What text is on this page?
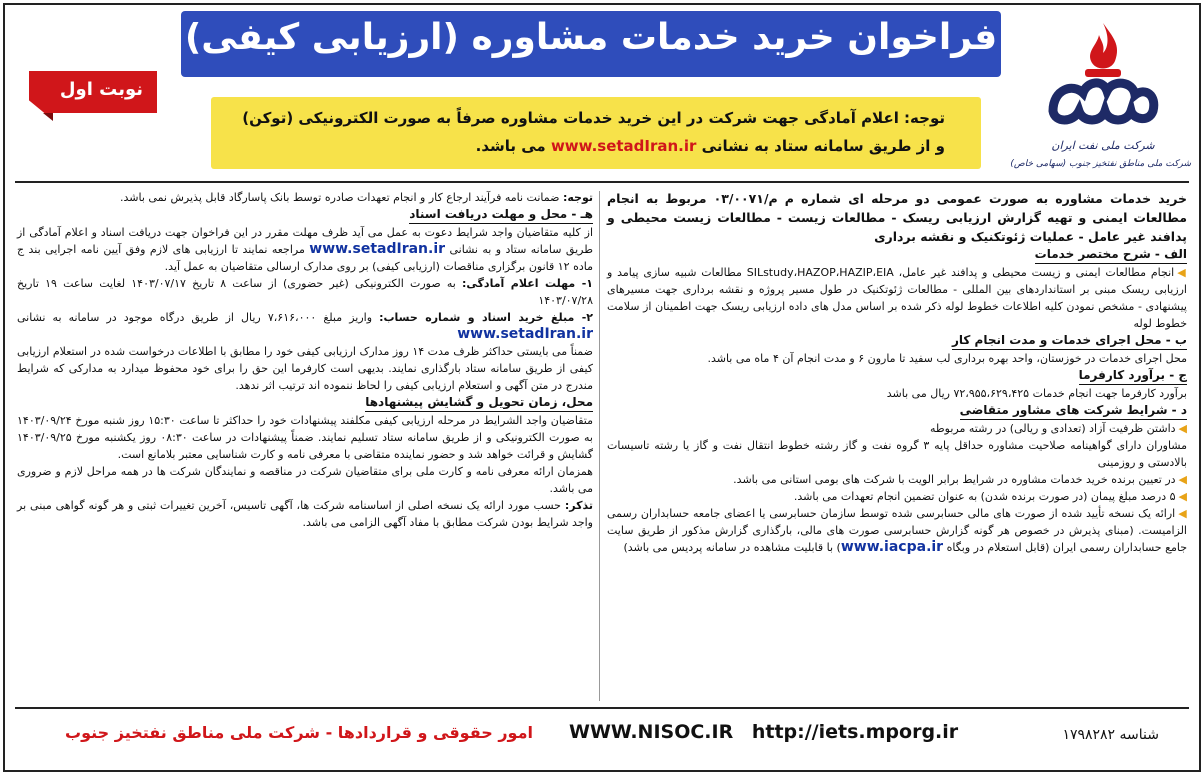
نوبت اول
فراخوان خرید خدمات مشاوره (ارزیابی کیفی)
توجه: اعلام آمادگی جهت شرکت در این خرید خدمات مشاوره صرفاً به صورت الکترونیکی (توکن)
و از طریق سامانه ستاد به نشانی www.setadIran.ir می باشد.	شرکت ملی نفت ایران
شرکت ملی مناطق نفتخیز جنوب (سهامی خاص)

خرید خدمات مشاوره به صورت عمومی دو مرحله ای شماره م م/۰۳/۰۰۷۱ مربوط به انجام مطالعات ایمنی و تهیه گزارش ارزیابی ریسک - مطالعات زیست - مطالعات زیست محیطی و پدافند غیر عامل - عملیات ژئوتکنیک و نقشه برداری

الف - شرح مختصر خدمات

◀انجام مطالعات ایمنی و زیست محیطی و پدافند غیر عامل، SILstudy،HAZOP،HAZIP،EIA مطالعات شبیه سازی پیامد و ارزیابی ریسک مبنی بر استانداردهای بین المللی - مطالعات ژئوتکنیک در طول مسیر پروژه و نقشه برداری جهت مسیرهای پیشنهادی - مشخص نمودن کلیه اطلاعات خطوط لوله ذکر شده بر اساس مدل های داده ارزیابی ریسک جهت اطمینان از سلامت خطوط لوله

ب - محل اجرای خدمات و مدت انجام کار

محل اجرای خدمات در خوزستان، واحد بهره برداری لب سفید تا مارون ۶ و مدت انجام آن ۴ ماه می باشد.

ج - برآورد کارفرما

برآورد کارفرما جهت انجام خدمات ۷۲،۹۵۵،۶۲۹،۴۲۵ ریال می باشد

د - شرایط شرکت های مشاور متقاضی

◀داشتن ظرفیت آزاد (تعدادی و ریالی) در رشته مربوطه

مشاوران دارای گواهینامه صلاحیت مشاوره حداقل پایه ۳ گروه نفت و گاز رشته خطوط انتقال نفت و گاز یا رشته تاسیسات بالادستی و روزمینی

◀در تعیین برنده خرید خدمات مشاوره در شرایط برابر الویت با شرکت های بومی استانی می باشد.

◀۵ درصد مبلغ پیمان (در صورت برنده شدن) به عنوان تضمین انجام تعهدات می باشد.

◀ارائه یک نسخه تأیید شده از صورت های مالی حسابرسی شده توسط سازمان حسابرسی یا اعضای جامعه حسابداران رسمی الزامیست. (مبنای پذیرش در خصوص هر گونه گزارش حسابرسی صورت های مالی، بارگذاری گزارش مذکور از طریق سایت جامع حسابداران رسمی ایران (قابل استعلام در وبگاه www.iacpa.ir) با قابلیت مشاهده در سامانه پردیس می باشد)

توجه: ضمانت نامه فرآیند ارجاع کار و انجام تعهدات صادره توسط بانک پاسارگاد قابل پذیرش نمی باشد.

هـ - محل و مهلت دریافت اسناد

از کلیه متقاضیان واجد شرایط دعوت به عمل می آید ظرف مهلت مقرر در این فراخوان جهت دریافت اسناد و اعلام آمادگی از طریق سامانه ستاد و به نشانی www.setadIran.ir مراجعه نمایند تا ارزیابی های لازم وفق آیین نامه اجرایی بند ج ماده ۱۲ قانون برگزاری مناقصات (ارزیابی کیفی) بر روی مدارک ارسالی متقاضیان به عمل آید.

۱- مهلت اعلام آمادگی: به صورت الکترونیکی (غیر حضوری) از ساعت ۸ تاریخ ۱۴۰۳/۰۷/۱۷ لغایت ساعت ۱۹ تاریخ ۱۴۰۳/۰۷/۲۸

۲- مبلغ خرید اسناد و شماره حساب: واریز مبلغ ۷،۶۱۶،۰۰۰ ریال از طریق درگاه موجود در سامانه به نشانی www.setadIran.ir

ضمناً می بایستی حداکثر ظرف مدت ۱۴ روز مدارک ارزیابی کیفی خود را مطابق با اطلاعات درخواست شده در استعلام ارزیابی کیفی از طریق سامانه ستاد بارگذاری نمایند. بدیهی است کارفرما این حق را برای خود محفوظ میدارد به مدارکی که شرایط مندرج در متن آگهی و استعلام ارزیابی کیفی را لحاظ ننموده اند ترتیب اثر ندهد.

محل، زمان تحویل و گشایش پیشنهادها

متقاضیان واجد الشرایط در مرحله ارزیابی کیفی مکلفند پیشنهادات خود را حداکثر تا ساعت ۱۵:۳۰ روز شنبه مورخ ۱۴۰۳/۰۹/۲۴ به صورت الکترونیکی و از طریق سامانه ستاد تسلیم نمایند. ضمناً پیشنهادات در ساعت ۰۸:۳۰ روز یکشنبه مورخ ۱۴۰۳/۰۹/۲۵ گشایش و قرائت خواهد شد و حضور نماینده متقاضی با معرفی نامه و کارت شناسایی معتبر بلامانع است.

همزمان ارائه معرفی نامه و کارت ملی برای متقاضیان شرکت در مناقصه و نمایندگان شرکت ها در همه مراحل لازم و ضروری می باشد.

تذکر: حسب مورد ارائه یک نسخه اصلی از اساسنامه شرکت ها، آگهی تاسیس، آخرین تغییرات ثبتی و هر گونه گواهی مبنی بر واجد شرایط بودن شرکت مطابق با مفاد آگهی الزامی می باشد.

امور حقوقی و قراردادها - شرکت ملی مناطق نفتخیز جنوب WWW.NISOC.IR http://iets.mporg.ir	شناسه ۱۷۹۸۲۸۲
